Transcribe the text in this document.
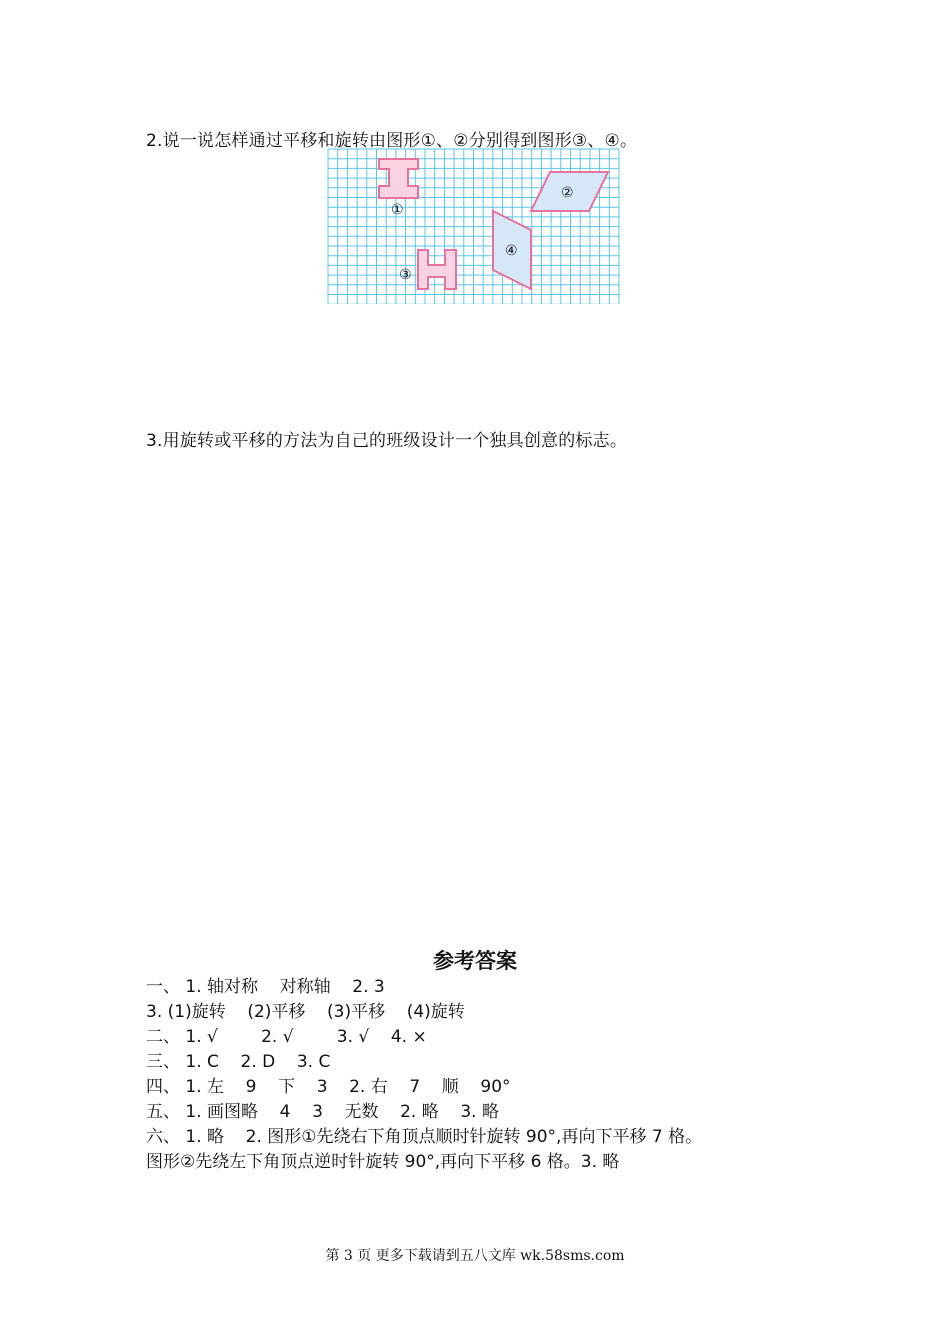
2.说一说怎样通过平移和旋转由图形①、②分别得到图形③、④。
①
②
③
④
3.用旋转或平移的方法为自己的班级设计一个独具创意的标志。
参考答案
一、 1. 轴对称    对称轴    2. 3
3. (1)旋转    (2)平移    (3)平移    (4)旋转
二、 1. √        2. √        3. √    4. ×
三、 1. C    2. D    3. C
四、 1. 左    9    下    3    2. 右    7    顺    90°
五、 1. 画图略    4    3    无数    2. 略    3. 略
六、 1. 略    2. 图形①先绕右下角顶点顺时针旋转 90°,再向下平移 7 格。
图形②先绕左下角顶点逆时针旋转 90°,再向下平移 6 格。3. 略
第 3 页 更多下载请到五八文库 wk.58sms.com
